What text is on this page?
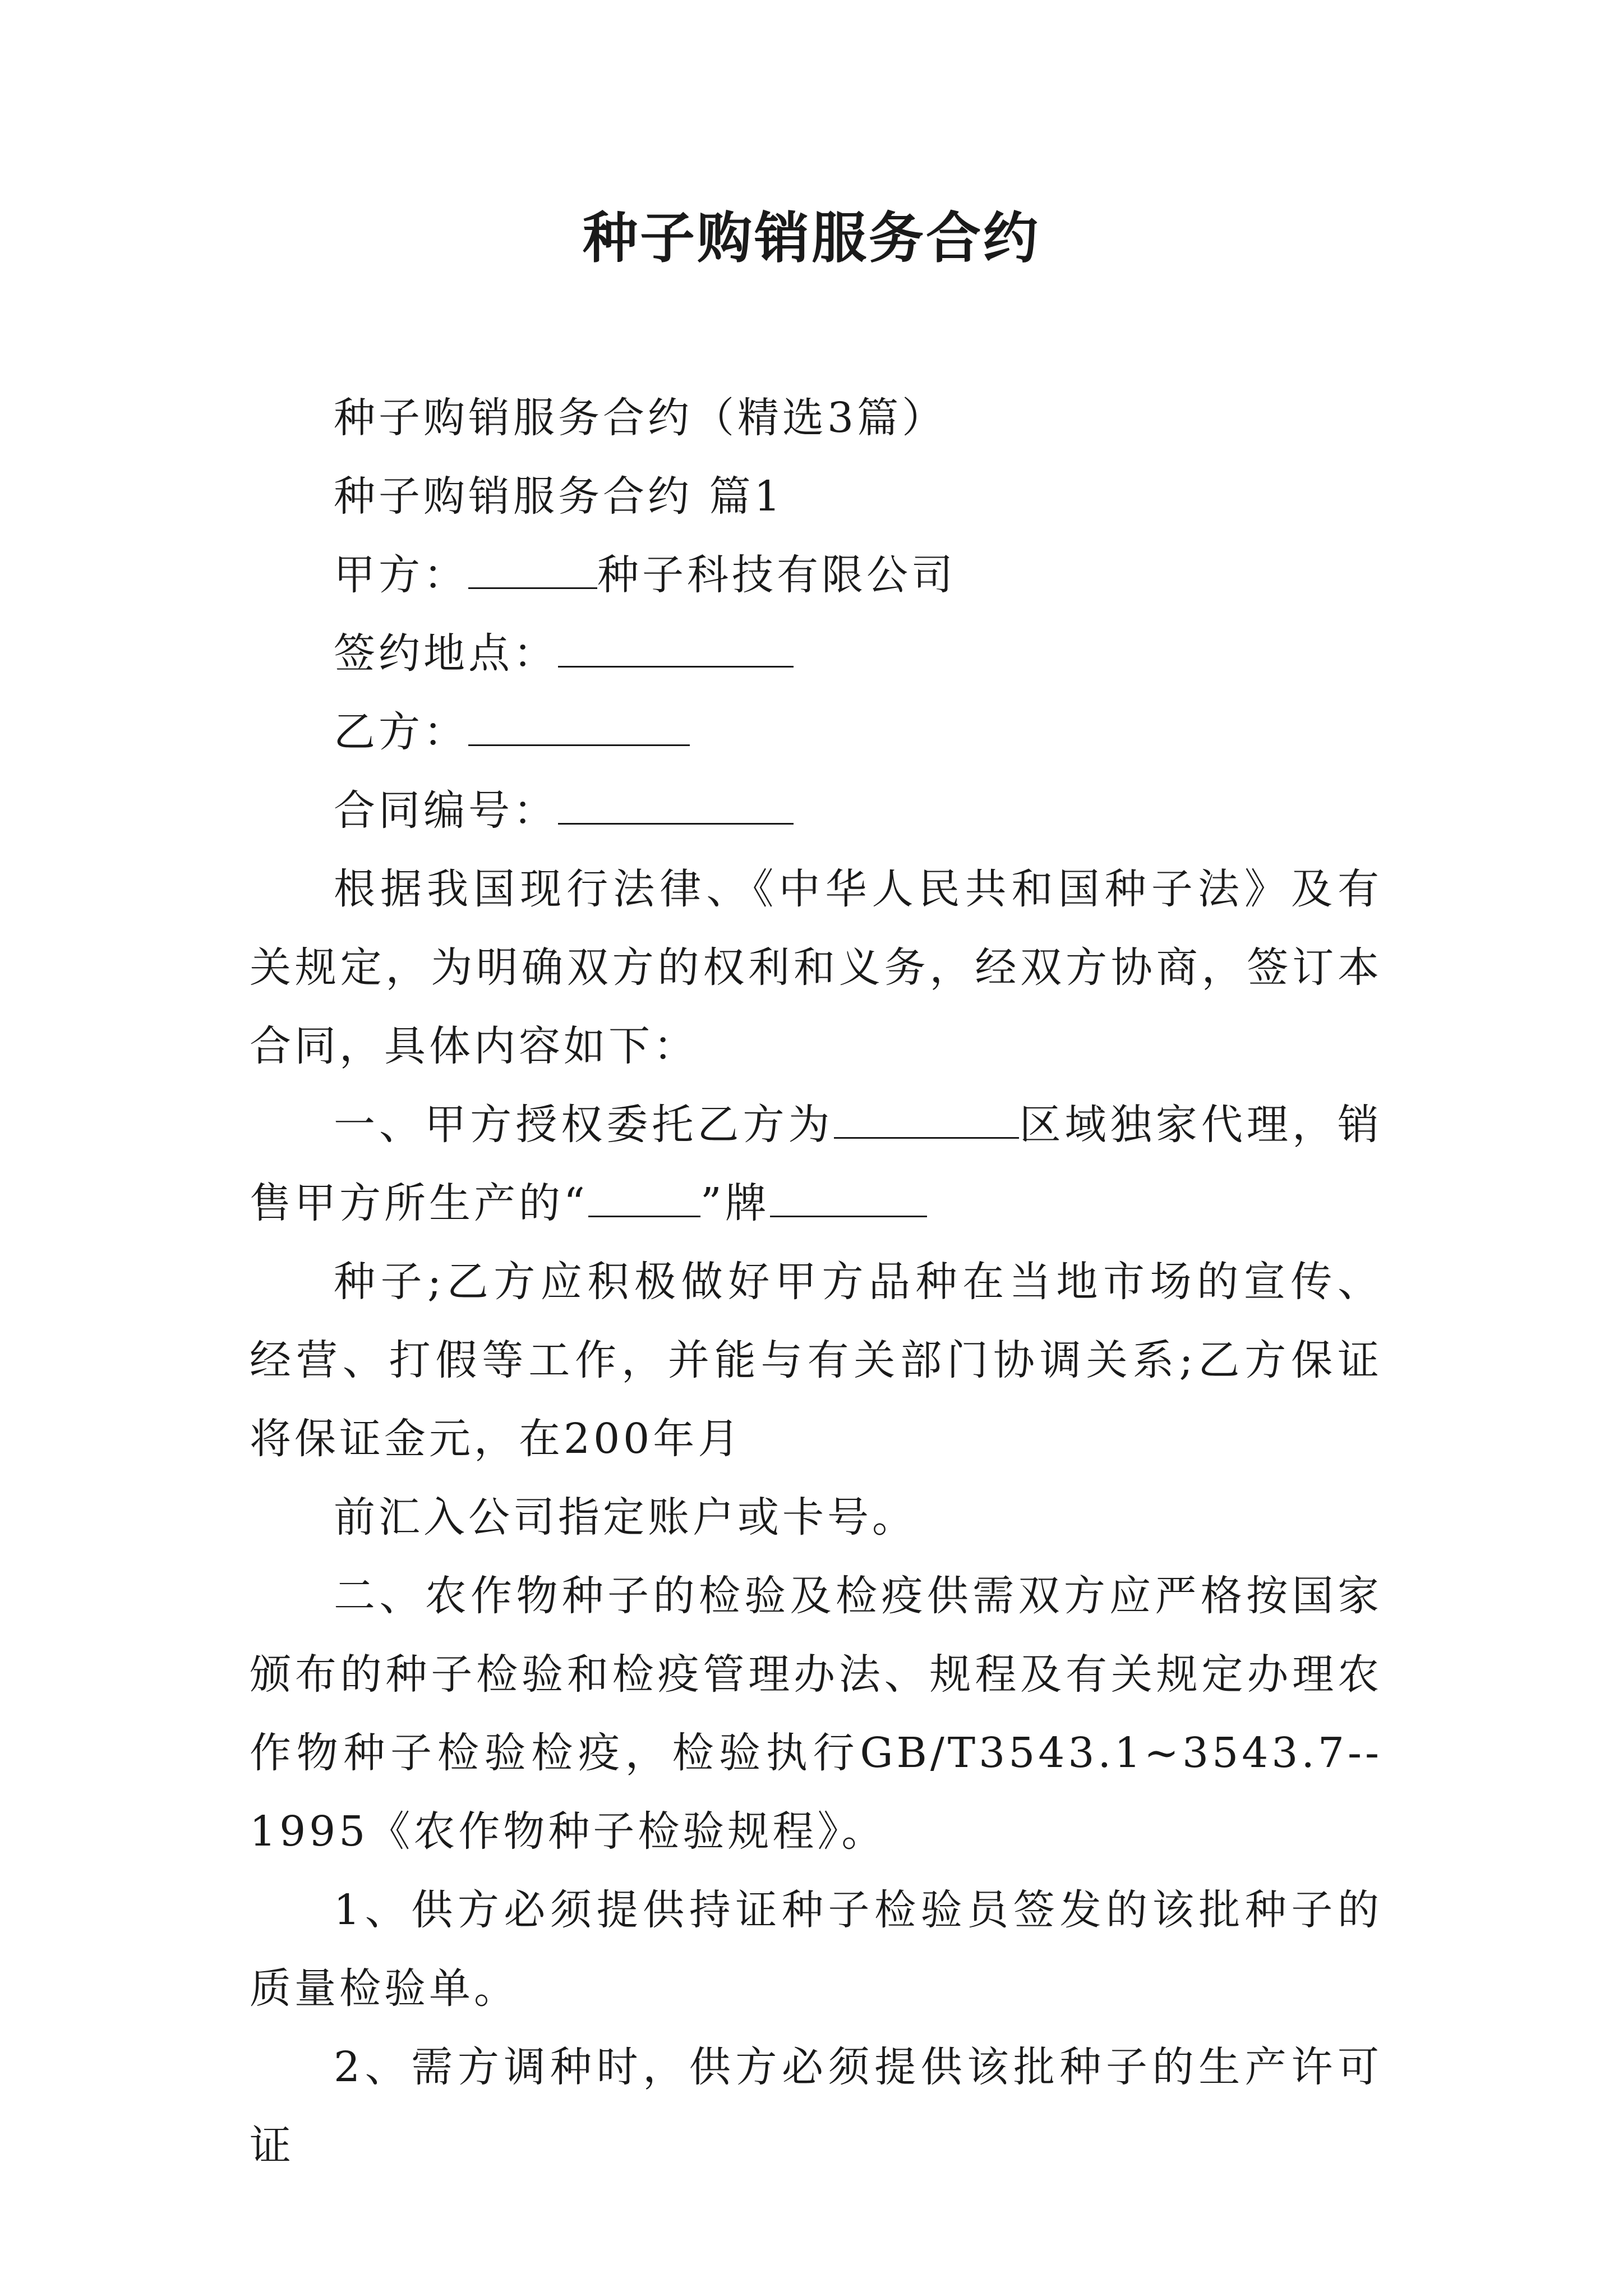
种子购销服务合约

种子购销服务合约（精选3篇）

种子购销服务合约 篇1

甲方：	种子科技有限公司

签约地点：

乙方：

合同编号：

根据我国现行法律、《中华人民共和国种子法》及有关规定，为明确双方的权利和义务，经双方协商，签订本合同，具体内容如下：

一、甲方授权委托乙方为	区域独家代理，销售甲方所生产的“	”牌

种子;乙方应积极做好甲方品种在当地市场的宣传、经营、打假等工作，并能与有关部门协调关系;乙方保证将保证金元，在200年月

前汇入公司指定账户或卡号。

二、农作物种子的检验及检疫供需双方应严格按国家颁布的种子检验和检疫管理办法、规程及有关规定办理农作物种子检验检疫，检验执行GB/T3543.1~3543.7--1995《农作物种子检验规程》。

1、供方必须提供持证种子检验员签发的该批种子的质量检验单。

2、需方调种时，供方必须提供该批种子的生产许可证
